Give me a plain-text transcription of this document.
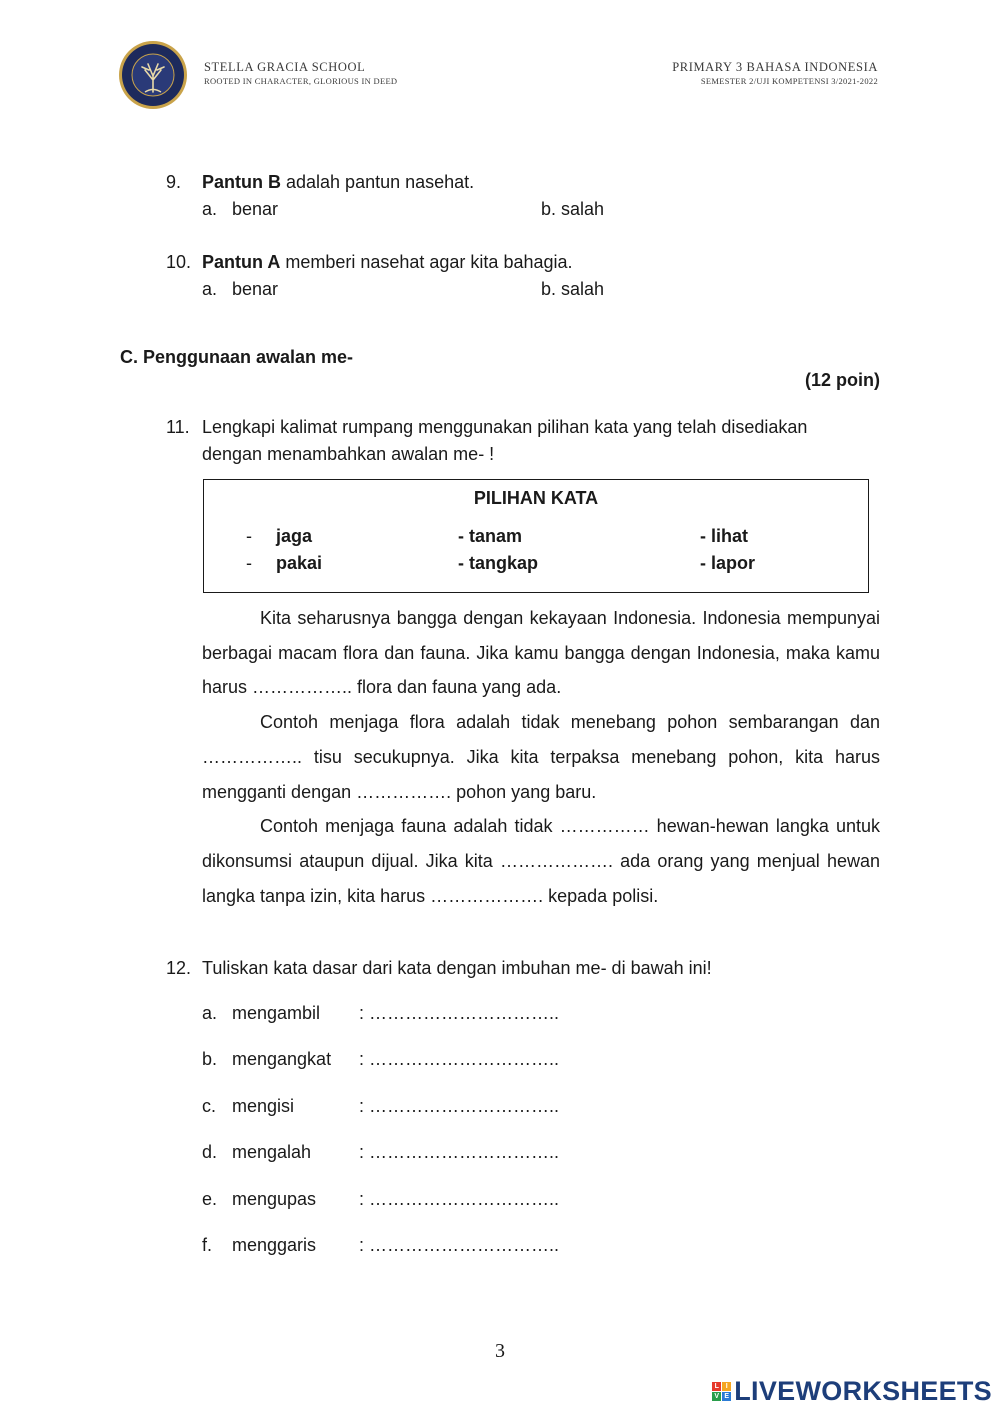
STELLA GRACIA SCHOOL
ROOTED IN CHARACTER, GLORIOUS IN DEED
PRIMARY 3 BAHASA INDONESIA
SEMESTER 2/UJI KOMPETENSI 3/2021-2022
9. Pantun B adalah pantun nasehat.
a. benar	b. salah
10. Pantun A memberi nasehat agar kita bahagia.
a. benar	b. salah
C. Penggunaan awalan me-
(12 poin)
11. Lengkapi kalimat rumpang menggunakan pilihan kata yang telah disediakan
dengan menambahkan awalan me- !
PILIHAN KATA
- jaga	- tanam	- lihat
- pakai	- tangkap	- lapor

Kita seharusnya bangga dengan kekayaan Indonesia. Indonesia mempunyai berbagai macam flora dan fauna. Jika kamu bangga dengan Indonesia, maka kamu harus …………….. flora dan fauna yang ada.

Contoh menjaga flora adalah tidak menebang pohon sembarangan dan …………….. tisu secukupnya. Jika kita terpaksa menebang pohon, kita harus mengganti dengan ……………. pohon yang baru.

Contoh menjaga fauna adalah tidak …………… hewan-hewan langka untuk dikonsumsi ataupun dijual. Jika kita ………………. ada orang yang menjual hewan langka tanpa izin, kita harus ………………. kepada polisi.

12. Tuliskan kata dasar dari kata dengan imbuhan me- di bawah ini!
a. mengambil : …………………………..
b. mengangkat : …………………………..
c. mengisi	: …………………………..
d. mengalah	: …………………………..
e. mengupas : …………………………..
f. menggaris : …………………………..
3
L I
V E LIVEWORKSHEETS
